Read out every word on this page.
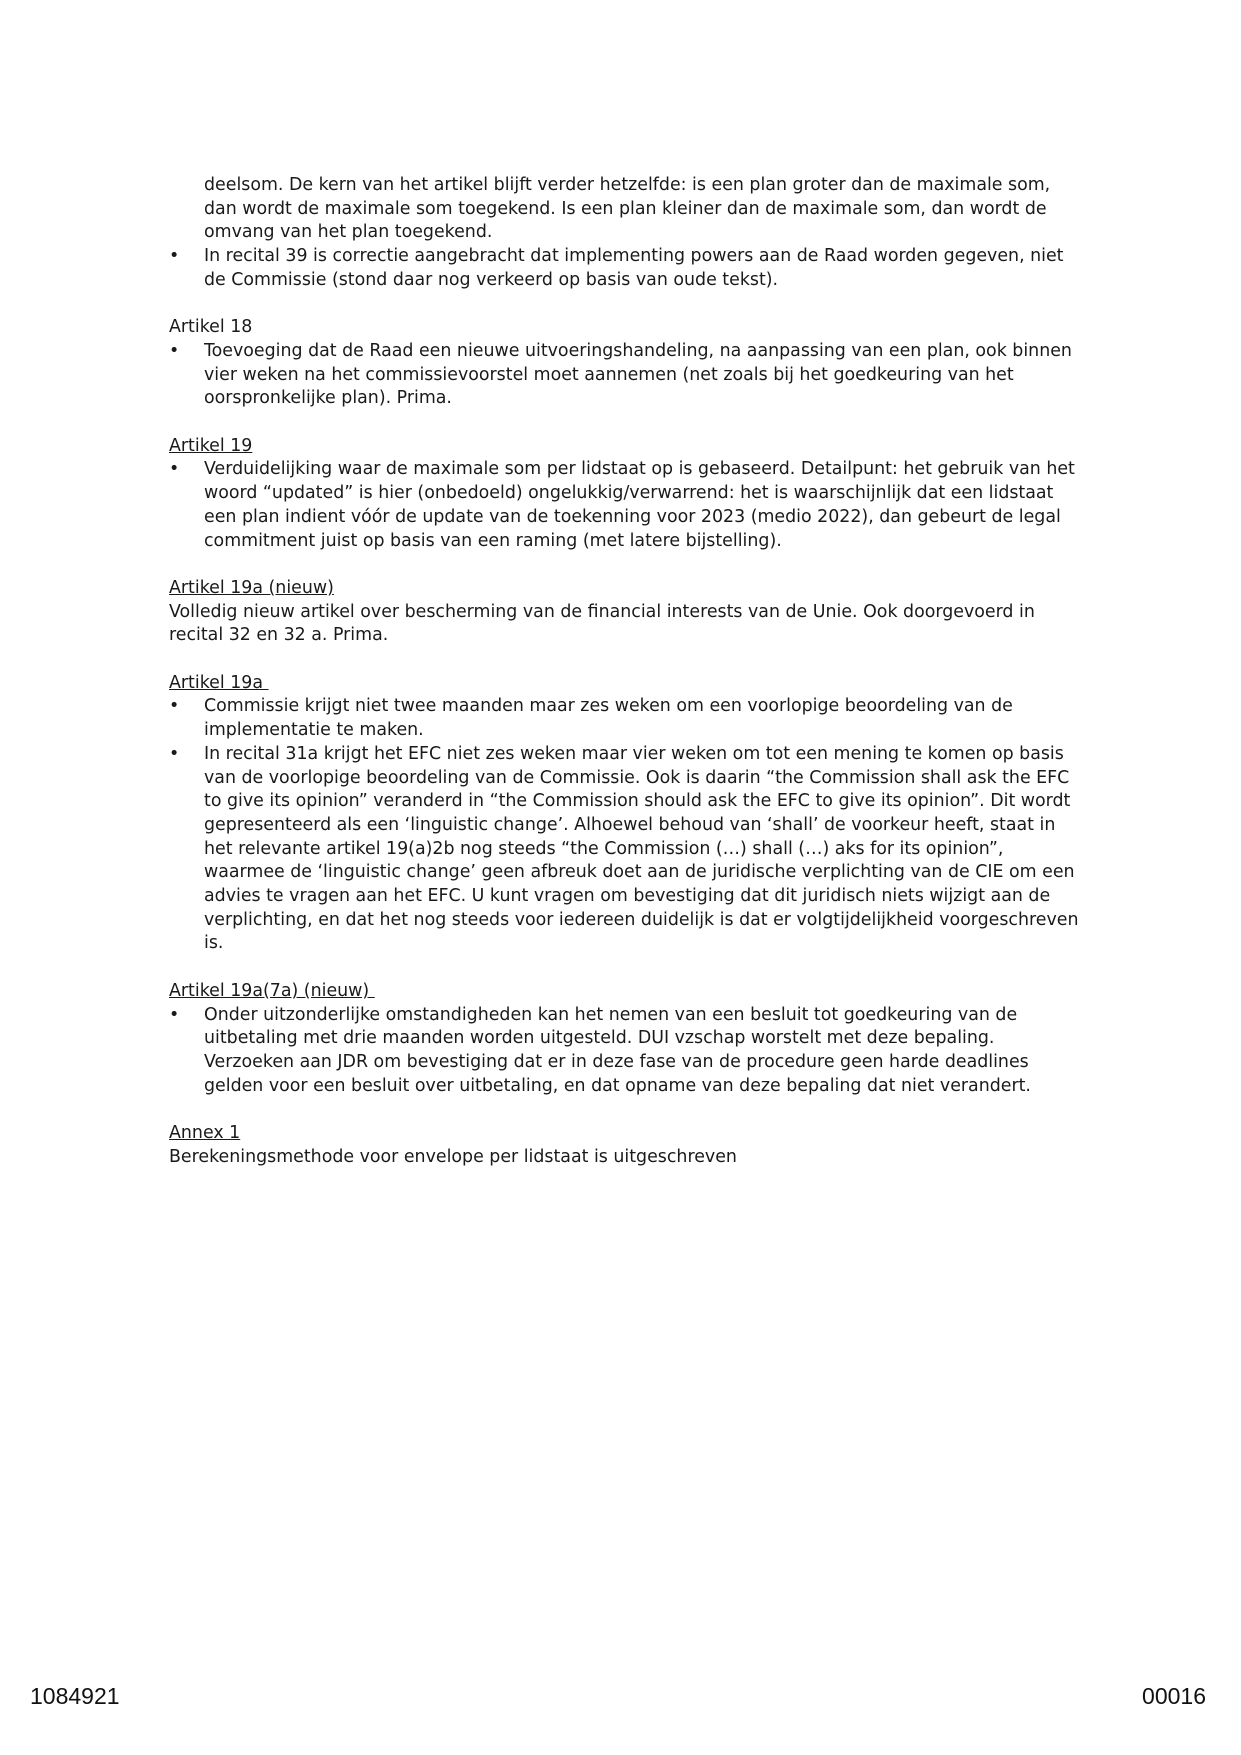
deelsom. De kern van het artikel blijft verder hetzelfde: is een plan groter dan de maximale som, dan wordt de maximale som toegekend. Is een plan kleiner dan de maximale som, dan wordt de omvang van het plan toegekend.

•	In recital 39 is correctie aangebracht dat implementing powers aan de Raad worden gegeven, niet de Commissie (stond daar nog verkeerd op basis van oude tekst).

Artikel 18

•	Toevoeging dat de Raad een nieuwe uitvoeringshandeling, na aanpassing van een plan, ook binnen vier weken na het commissievoorstel moet aannemen (net zoals bij het goedkeuring van het oorspronkelijke plan). Prima.

Artikel 19

•	Verduidelijking waar de maximale som per lidstaat op is gebaseerd. Detailpunt: het gebruik van het woord “updated” is hier (onbedoeld) ongelukkig/verwarrend: het is waarschijnlijk dat een lidstaat een plan indient vóór de update van de toekenning voor 2023 (medio 2022), dan gebeurt de legal commitment juist op basis van een raming (met latere bijstelling).

Artikel 19a (nieuw)

Volledig nieuw artikel over bescherming van de financial interests van de Unie. Ook doorgevoerd in recital 32 en 32 a. Prima.

Artikel 19a

•	Commissie krijgt niet twee maanden maar zes weken om een voorlopige beoordeling van de implementatie te maken.
•	In recital 31a krijgt het EFC niet zes weken maar vier weken om tot een mening te komen op basis van de voorlopige beoordeling van de Commissie. Ook is daarin “the Commission shall ask the EFC to give its opinion” veranderd in “the Commission should ask the EFC to give its opinion”. Dit wordt gepresenteerd als een ‘linguistic change’. Alhoewel behoud van ‘shall’ de voorkeur heeft, staat in het relevante artikel 19(a)2b nog steeds “the Commission (…) shall (…) aks for its opinion”, waarmee de ‘linguistic change’ geen afbreuk doet aan de juridische verplichting van de CIE om een advies te vragen aan het EFC. U kunt vragen om bevestiging dat dit juridisch niets wijzigt aan de verplichting, en dat het nog steeds voor iedereen duidelijk is dat er volgtijdelijkheid voorgeschreven is.

Artikel 19a(7a) (nieuw)

•	Onder uitzonderlijke omstandigheden kan het nemen van een besluit tot goedkeuring van de uitbetaling met drie maanden worden uitgesteld. DUI vzschap worstelt met deze bepaling. Verzoeken aan JDR om bevestiging dat er in deze fase van de procedure geen harde deadlines gelden voor een besluit over uitbetaling, en dat opname van deze bepaling dat niet verandert.

Annex 1

Berekeningsmethode voor envelope per lidstaat is uitgeschreven

1084921	00016
